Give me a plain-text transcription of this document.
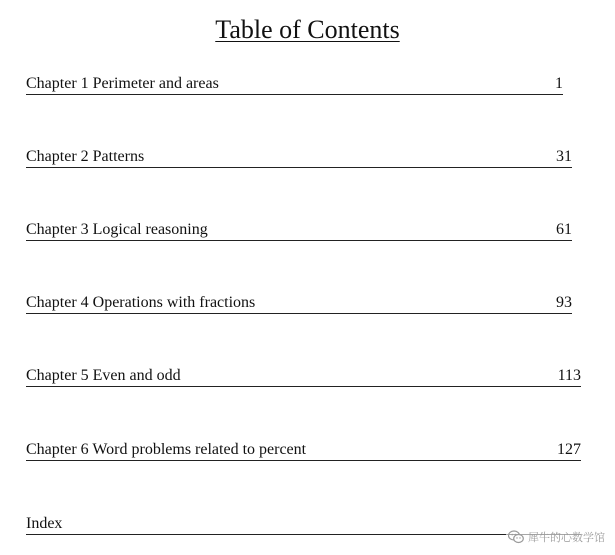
Table of Contents
Chapter 1 Perimeter and areas	1
Chapter 2 Patterns	31
Chapter 3 Logical reasoning	61
Chapter 4 Operations with fractions	93
Chapter 5 Even and odd	113
Chapter 6 Word problems related to percent	127
Index
犀牛的心数学馆
